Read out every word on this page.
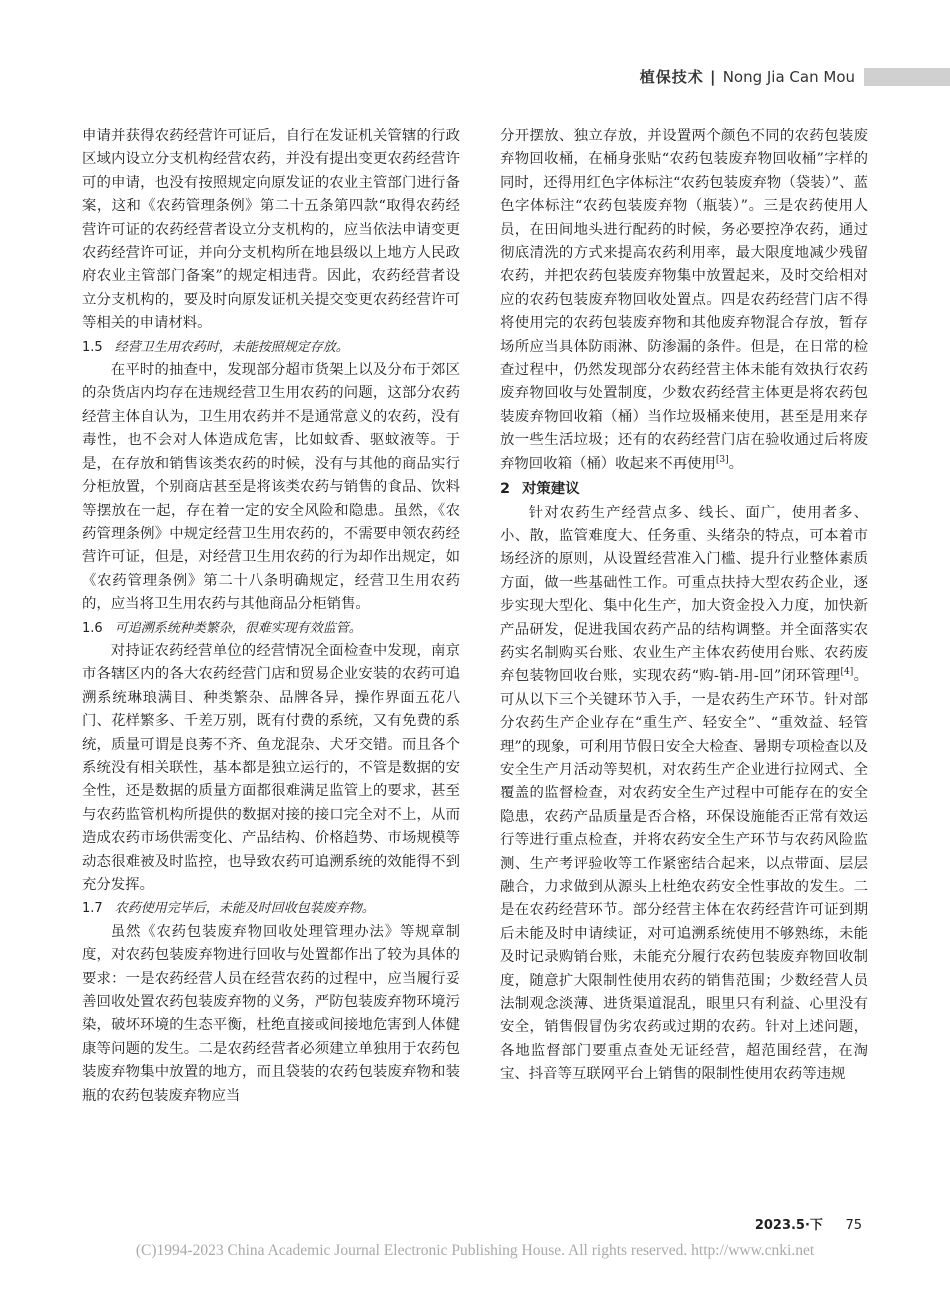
植保技术 | Nong Jia Can Mou

申请并获得农药经营许可证后，自行在发证机关管辖的行政区域内设立分支机构经营农药，并没有提出变更农药经营许可的申请，也没有按照规定向原发证的农业主管部门进行备案，这和《农药管理条例》第二十五条第四款“取得农药经营许可证的农药经营者设立分支机构的，应当依法申请变更农药经营许可证，并向分支机构所在地县级以上地方人民政府农业主管部门备案”的规定相违背。因此，农药经营者设立分支机构的，要及时向原发证机关提交变更农药经营许可等相关的申请材料。

1.5 经营卫生用农药时，未能按照规定存放。

在平时的抽查中，发现部分超市货架上以及分布于郊区的杂货店内均存在违规经营卫生用农药的问题，这部分农药经营主体自认为，卫生用农药并不是通常意义的农药，没有毒性，也不会对人体造成危害，比如蚊香、驱蚊液等。于是，在存放和销售该类农药的时候，没有与其他的商品实行分柜放置，个别商店甚至是将该类农药与销售的食品、饮料等摆放在一起，存在着一定的安全风险和隐患。虽然，《农药管理条例》中规定经营卫生用农药的，不需要申领农药经营许可证，但是，对经营卫生用农药的行为却作出规定，如《农药管理条例》第二十八条明确规定，经营卫生用农药的，应当将卫生用农药与其他商品分柜销售。

1.6 可追溯系统种类繁杂，很难实现有效监管。

对持证农药经营单位的经营情况全面检查中发现，南京市各辖区内的各大农药经营门店和贸易企业安装的农药可追溯系统琳琅满目、种类繁杂、品牌各异，操作界面五花八门、花样繁多、千差万别，既有付费的系统，又有免费的系统，质量可谓是良莠不齐、鱼龙混杂、犬牙交错。而且各个系统没有相关联性，基本都是独立运行的，不管是数据的安全性，还是数据的质量方面都很难满足监管上的要求，甚至与农药监管机构所提供的数据对接的接口完全对不上，从而造成农药市场供需变化、产品结构、价格趋势、市场规模等动态很难被及时监控，也导致农药可追溯系统的效能得不到充分发挥。

1.7 农药使用完毕后，未能及时回收包装废弃物。

虽然《农药包装废弃物回收处理管理办法》等规章制度，对农药包装废弃物进行回收与处置都作出了较为具体的要求：一是农药经营人员在经营农药的过程中，应当履行妥善回收处置农药包装废弃物的义务，严防包装废弃物环境污染，破坏环境的生态平衡，杜绝直接或间接地危害到人体健康等问题的发生。二是农药经营者必须建立单独用于农药包装废弃物集中放置的地方，而且袋装的农药包装废弃物和装瓶的农药包装废弃物应当

分开摆放、独立存放，并设置两个颜色不同的农药包装废弃物回收桶，在桶身张贴“农药包装废弃物回收桶”字样的同时，还得用红色字体标注“农药包装废弃物（袋装）”、蓝色字体标注“农药包装废弃物（瓶装）”。三是农药使用人员，在田间地头进行配药的时候，务必要控净农药，通过彻底清洗的方式来提高农药利用率，最大限度地减少残留农药，并把农药包装废弃物集中放置起来，及时交给相对应的农药包装废弃物回收处置点。四是农药经营门店不得将使用完的农药包装废弃物和其他废弃物混合存放，暂存场所应当具体防雨淋、防渗漏的条件。但是，在日常的检查过程中，仍然发现部分农药经营主体未能有效执行农药废弃物回收与处置制度，少数农药经营主体更是将农药包装废弃物回收箱（桶）当作垃圾桶来使用，甚至是用来存放一些生活垃圾；还有的农药经营门店在验收通过后将废弃物回收箱（桶）收起来不再使用[3]。

2 对策建议

针对农药生产经营点多、线长、面广，使用者多、小、散，监管难度大、任务重、头绪杂的特点，可本着市场经济的原则，从设置经营准入门槛、提升行业整体素质方面，做一些基础性工作。可重点扶持大型农药企业，逐步实现大型化、集中化生产，加大资金投入力度，加快新产品研发，促进我国农药产品的结构调整。并全面落实农药实名制购买台账、农业生产主体农药使用台账、农药废弃包装物回收台账，实现农药“购-销-用-回”闭环管理[4]。可从以下三个关键环节入手，一是农药生产环节。针对部分农药生产企业存在“重生产、轻安全”、“重效益、轻管理”的现象，可利用节假日安全大检查、暑期专项检查以及安全生产月活动等契机，对农药生产企业进行拉网式、全覆盖的监督检查，对农药安全生产过程中可能存在的安全隐患，农药产品质量是否合格，环保设施能否正常有效运行等进行重点检查，并将农药安全生产环节与农药风险监测、生产考评验收等工作紧密结合起来，以点带面、层层融合，力求做到从源头上杜绝农药安全性事故的发生。二是在农药经营环节。部分经营主体在农药经营许可证到期后未能及时申请续证，对可追溯系统使用不够熟练，未能及时记录购销台账，未能充分履行农药包装废弃物回收制度，随意扩大限制性使用农药的销售范围；少数经营人员法制观念淡薄、进货渠道混乱，眼里只有利益、心里没有安全，销售假冒伪劣农药或过期的农药。针对上述问题，各地监督部门要重点查处无证经营，超范围经营，在淘宝、抖音等互联网平台上销售的限制性使用农药等违规

2023.5·下 75
(C)1994-2023 China Academic Journal Electronic Publishing House. All rights reserved. http://www.cnki.net
